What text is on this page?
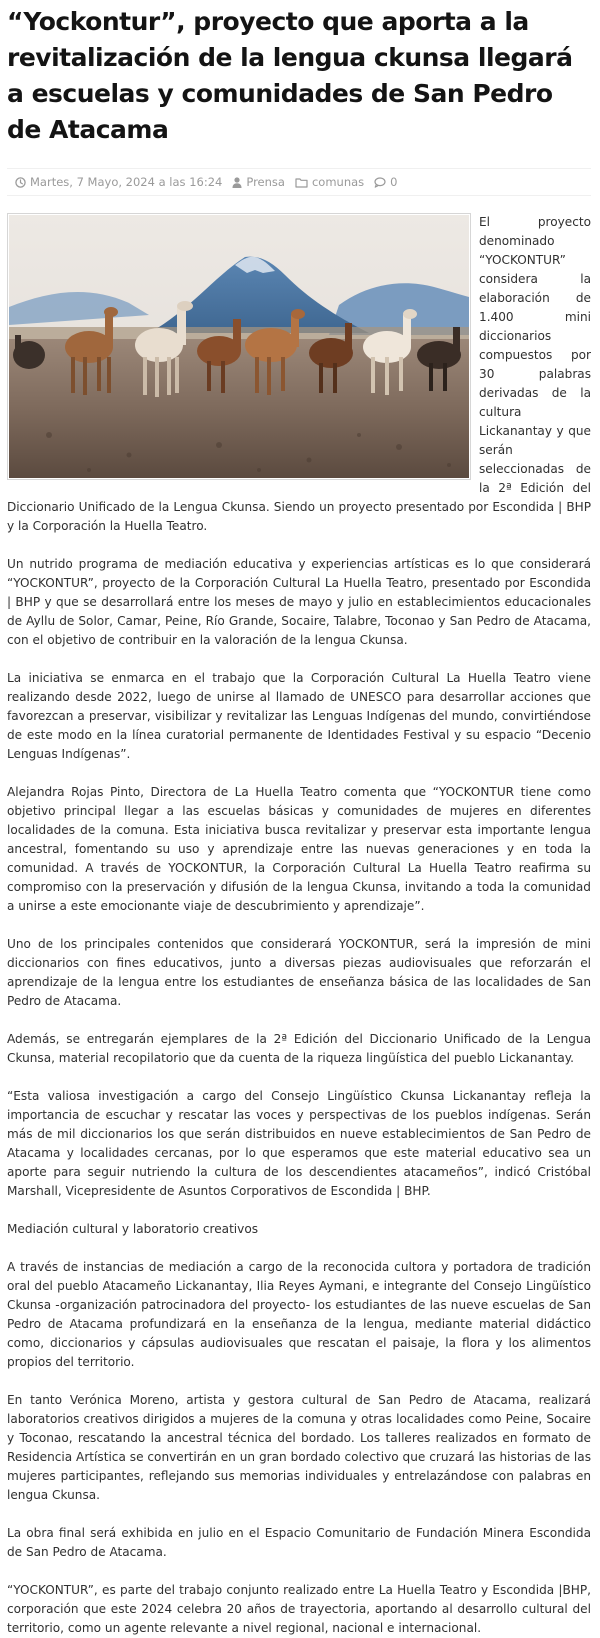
“Yockontur”, proyecto que aporta a la revitalización de la lengua ckunsa llegará a escuelas y comunidades de San Pedro de Atacama
Martes, 7 Mayo, 2024 a las 16:24 Prensa comunas 0

El proyecto denominado “YOCKONTUR” considera la elaboración de 1.400 mini diccionarios compuestos por 30 palabras derivadas de la cultura Lickanantay y que serán seleccionadas de la 2ª Edición del Diccionario Unificado de la Lengua Ckunsa. Siendo un proyecto presentado por Escondida | BHP y la Corporación la Huella Teatro.

Un nutrido programa de mediación educativa y experiencias artísticas es lo que considerará “YOCKONTUR”, proyecto de la Corporación Cultural La Huella Teatro, presentado por Escondida | BHP y que se desarrollará entre los meses de mayo y julio en establecimientos educacionales de Ayllu de Solor, Camar, Peine, Río Grande, Socaire, Talabre, Toconao y San Pedro de Atacama, con el objetivo de contribuir en la valoración de la lengua Ckunsa.

La iniciativa se enmarca en el trabajo que la Corporación Cultural La Huella Teatro viene realizando desde 2022, luego de unirse al llamado de UNESCO para desarrollar acciones que favorezcan a preservar, visibilizar y revitalizar las Lenguas Indígenas del mundo, convirtiéndose de este modo en la línea curatorial permanente de Identidades Festival y su espacio “Decenio Lenguas Indígenas”.

Alejandra Rojas Pinto, Directora de La Huella Teatro comenta que “YOCKONTUR tiene como objetivo principal llegar a las escuelas básicas y comunidades de mujeres en diferentes localidades de la comuna. Esta iniciativa busca revitalizar y preservar esta importante lengua ancestral, fomentando su uso y aprendizaje entre las nuevas generaciones y en toda la comunidad. A través de YOCKONTUR, la Corporación Cultural La Huella Teatro reafirma su compromiso con la preservación y difusión de la lengua Ckunsa, invitando a toda la comunidad a unirse a este emocionante viaje de descubrimiento y aprendizaje”.

Uno de los principales contenidos que considerará YOCKONTUR, será la impresión de mini diccionarios con fines educativos, junto a diversas piezas audiovisuales que reforzarán el aprendizaje de la lengua entre los estudiantes de enseñanza básica de las localidades de San Pedro de Atacama.

Además, se entregarán ejemplares de la 2ª Edición del Diccionario Unificado de la Lengua Ckunsa, material recopilatorio que da cuenta de la riqueza lingüística del pueblo Lickanantay.

“Esta valiosa investigación a cargo del Consejo Lingüístico Ckunsa Lickanantay refleja la importancia de escuchar y rescatar las voces y perspectivas de los pueblos indígenas. Serán más de mil diccionarios los que serán distribuidos en nueve establecimientos de San Pedro de Atacama y localidades cercanas, por lo que esperamos que este material educativo sea un aporte para seguir nutriendo la cultura de los descendientes atacameños”, indicó Cristóbal Marshall, Vicepresidente de Asuntos Corporativos de Escondida | BHP.

Mediación cultural y laboratorio creativos

A través de instancias de mediación a cargo de la reconocida cultora y portadora de tradición oral del pueblo Atacameño Lickanantay, Ilia Reyes Aymani, e integrante del Consejo Lingüístico Ckunsa -organización patrocinadora del proyecto- los estudiantes de las nueve escuelas de San Pedro de Atacama profundizará en la enseñanza de la lengua, mediante material didáctico como, diccionarios y cápsulas audiovisuales que rescatan el paisaje, la flora y los alimentos propios del territorio.

En tanto Verónica Moreno, artista y gestora cultural de San Pedro de Atacama, realizará laboratorios creativos dirigidos a mujeres de la comuna y otras localidades como Peine, Socaire y Toconao, rescatando la ancestral técnica del bordado. Los talleres realizados en formato de Residencia Artística se convertirán en un gran bordado colectivo que cruzará las historias de las mujeres participantes, reflejando sus memorias individuales y entrelazándose con palabras en lengua Ckunsa.

La obra final será exhibida en julio en el Espacio Comunitario de Fundación Minera Escondida de San Pedro de Atacama.

“YOCKONTUR”, es parte del trabajo conjunto realizado entre La Huella Teatro y Escondida |BHP, corporación que este 2024 celebra 20 años de trayectoria, aportando al desarrollo cultural del territorio, como un agente relevante a nivel regional, nacional e internacional.
